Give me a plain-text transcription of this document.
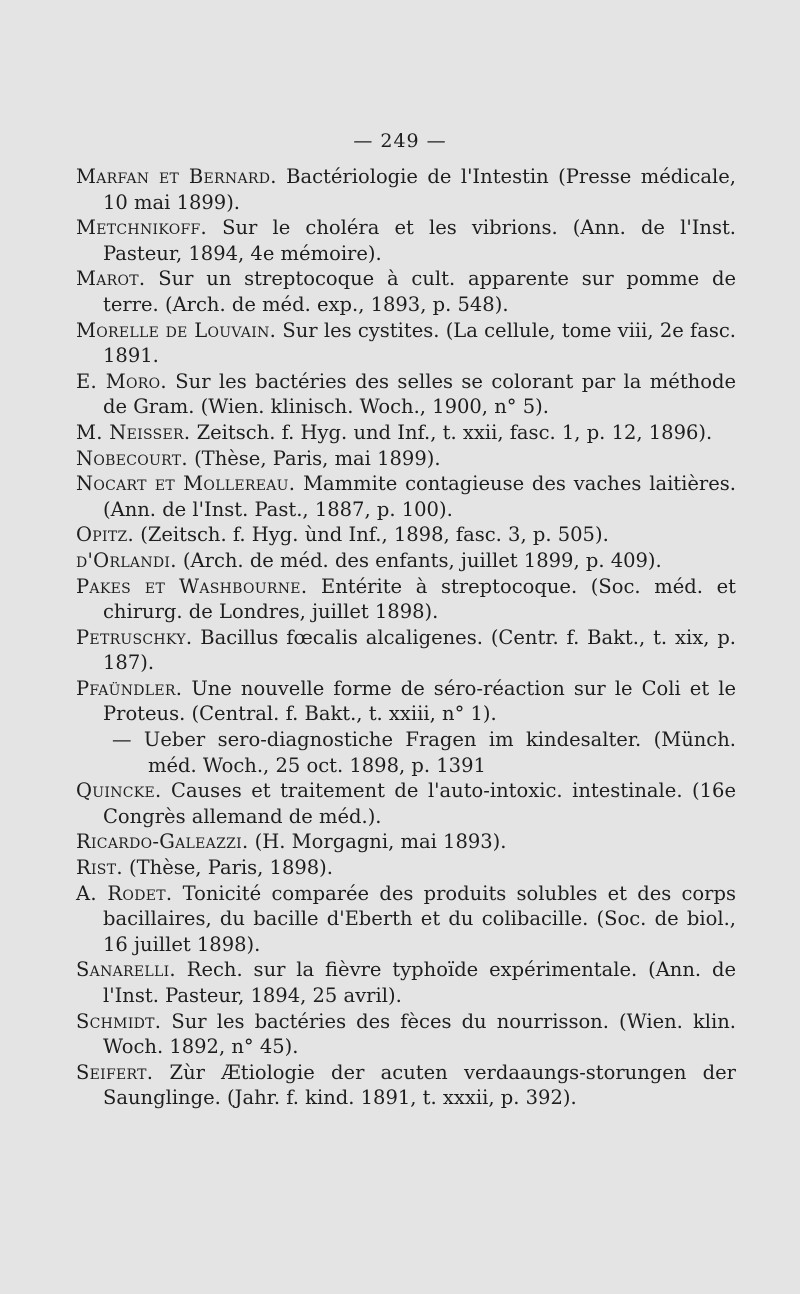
— 249 —

Marfan et Bernard. Bactériologie de l'Intestin (Presse médicale, 10 mai 1899).

Metchnikoff. Sur le choléra et les vibrions. (Ann. de l'Inst. Pasteur, 1894, 4e mémoire).

Marot. Sur un streptocoque à cult. apparente sur pomme de terre. (Arch. de méd. exp., 1893, p. 548).

Morelle de Louvain. Sur les cystites. (La cellule, tome viii, 2e fasc. 1891.

E. Moro. Sur les bactéries des selles se colorant par la méthode de Gram. (Wien. klinisch. Woch., 1900, n° 5).

M. Neisser. Zeitsch. f. Hyg. und Inf., t. xxii, fasc. 1, p. 12, 1896).

Nobecourt. (Thèse, Paris, mai 1899).

Nocart et Mollereau. Mammite contagieuse des vaches laitières. (Ann. de l'Inst. Past., 1887, p. 100).

Opitz. (Zeitsch. f. Hyg. ùnd Inf., 1898, fasc. 3, p. 505).

d'Orlandi. (Arch. de méd. des enfants, juillet 1899, p. 409).

Pakes et Washbourne. Entérite à streptocoque. (Soc. méd. et chirurg. de Londres, juillet 1898).

Petruschky. Bacillus fœcalis alcaligenes. (Centr. f. Bakt., t. xix, p. 187).

Pfaündler. Une nouvelle forme de séro-réaction sur le Coli et le Proteus. (Central. f. Bakt., t. xxiii, n° 1).

— Ueber sero-diagnostiche Fragen im kindesalter. (Münch. méd. Woch., 25 oct. 1898, p. 1391

Quincke. Causes et traitement de l'auto-intoxic. intestinale. (16e Congrès allemand de méd.).

Ricardo-Galeazzi. (H. Morgagni, mai 1893).

Rist. (Thèse, Paris, 1898).

A. Rodet. Tonicité comparée des produits solubles et des corps bacillaires, du bacille d'Eberth et du colibacille. (Soc. de biol., 16 juillet 1898).

Sanarelli. Rech. sur la fièvre typhoïde expérimentale. (Ann. de l'Inst. Pasteur, 1894, 25 avril).

Schmidt. Sur les bactéries des fèces du nourrisson. (Wien. klin. Woch. 1892, n° 45).

Seifert. Zùr Ætiologie der acuten verdaaungs-storungen der Saunglinge. (Jahr. f. kind. 1891, t. xxxii, p. 392).
